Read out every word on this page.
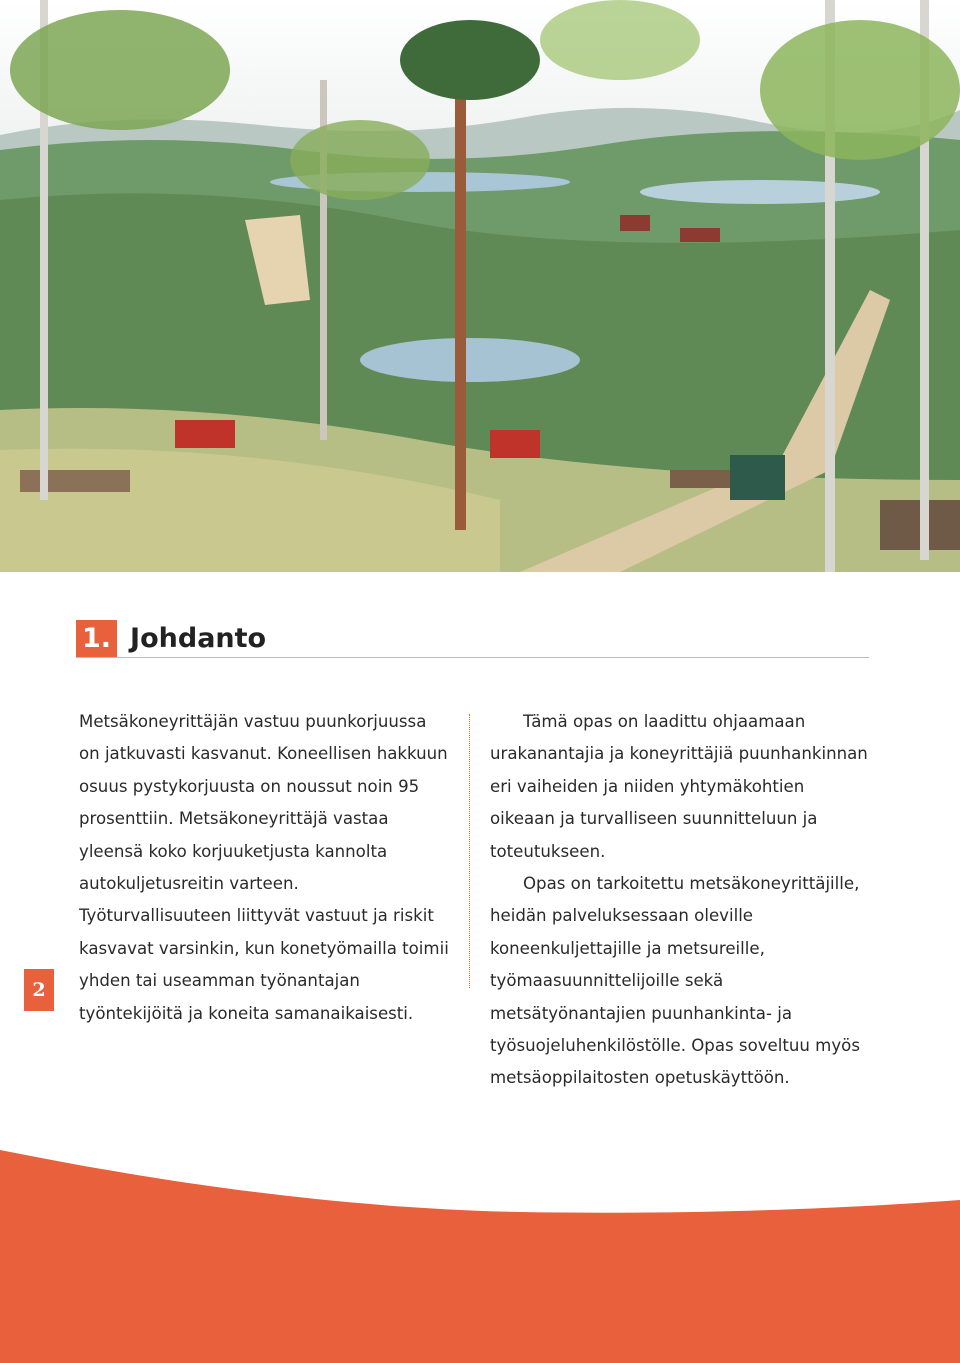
1. Johdanto

Metsäkoneyrittäjän vastuu puunkorjuussa on jatkuvasti kasvanut. Koneellisen hakkuun osuus pystykorjuusta on noussut noin 95 prosenttiin. Metsäkoneyrittäjä vastaa yleensä koko korjuuketjusta kannolta autokuljetusreitin varteen. Työturvallisuuteen liittyvät vastuut ja riskit kasvavat varsinkin, kun konetyömailla toimii yhden tai useamman työnantajan työntekijöitä ja koneita samanaikaisesti.

Tämä opas on laadittu ohjaamaan urakanantajia ja koneyrittäjiä puunhankinnan eri vaiheiden ja niiden yhtymäkohtien oikeaan ja turvalliseen suunnitteluun ja toteutukseen.

Opas on tarkoitettu metsäkoneyrittäjille, heidän palveluksessaan oleville koneenkuljettajille ja metsureille, työmaasuunnittelijoille sekä metsätyönantajien puunhankinta- ja työsuojeluhenkilöstölle. Opas soveltuu myös metsäoppilaitosten opetuskäyttöön.

2
